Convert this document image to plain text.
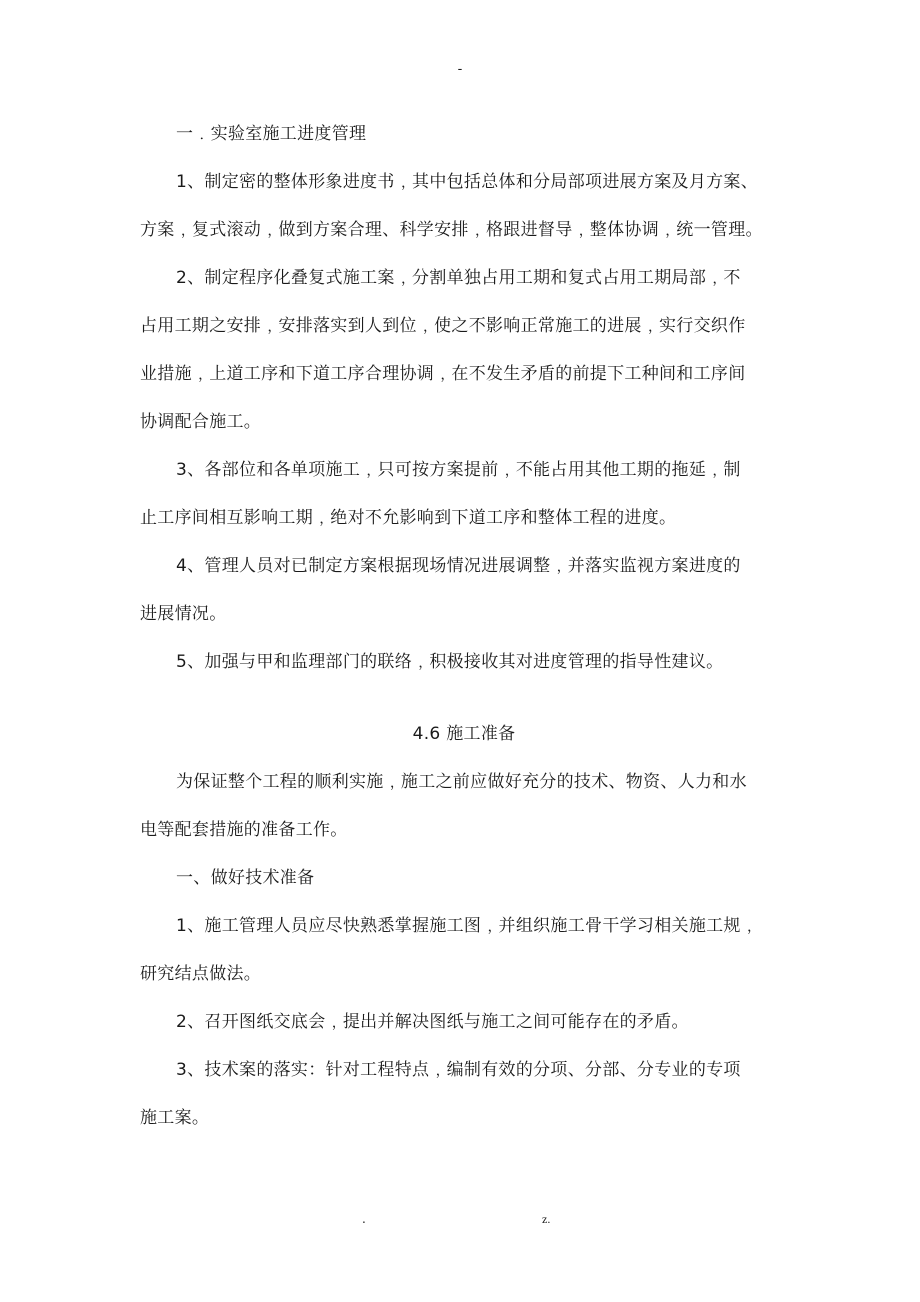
-
一﹒实验室施工进度管理
1、制定密的整体形象进度书﹐其中包括总体和分局部项进展方案及月方案、
方案﹐复式滚动﹐做到方案合理、科学安排﹐格跟进督导﹐整体协调﹐统一管理。
2、制定程序化叠复式施工案﹐分割单独占用工期和复式占用工期局部﹐不
占用工期之安排﹐安排落实到人到位﹐使之不影响正常施工的进展﹐实行交织作
业措施﹐上道工序和下道工序合理协调﹐在不发生矛盾的前提下工种间和工序间
协调配合施工。
3、各部位和各单项施工﹐只可按方案提前﹐不能占用其他工期的拖延﹐制
止工序间相互影响工期﹐绝对不允影响到下道工序和整体工程的进度。
4、管理人员对已制定方案根据现场情况进展调整﹐并落实监视方案进度的
进展情况。
5、加强与甲和监理部门的联络﹐积极接收其对进度管理的指导性建议。
4.6 施工准备
为保证整个工程的顺利实施﹐施工之前应做好充分的技术、物资、人力和水
电等配套措施的准备工作。
一、做好技术准备
1、施工管理人员应尽快熟悉掌握施工图﹐并组织施工骨干学习相关施工规﹐
研究结点做法。
2、召开图纸交底会﹐提出并解决图纸与施工之间可能存在的矛盾。
3、技术案的落实：针对工程特点﹐编制有效的分项、分部、分专业的专项
施工案。
.	z.
